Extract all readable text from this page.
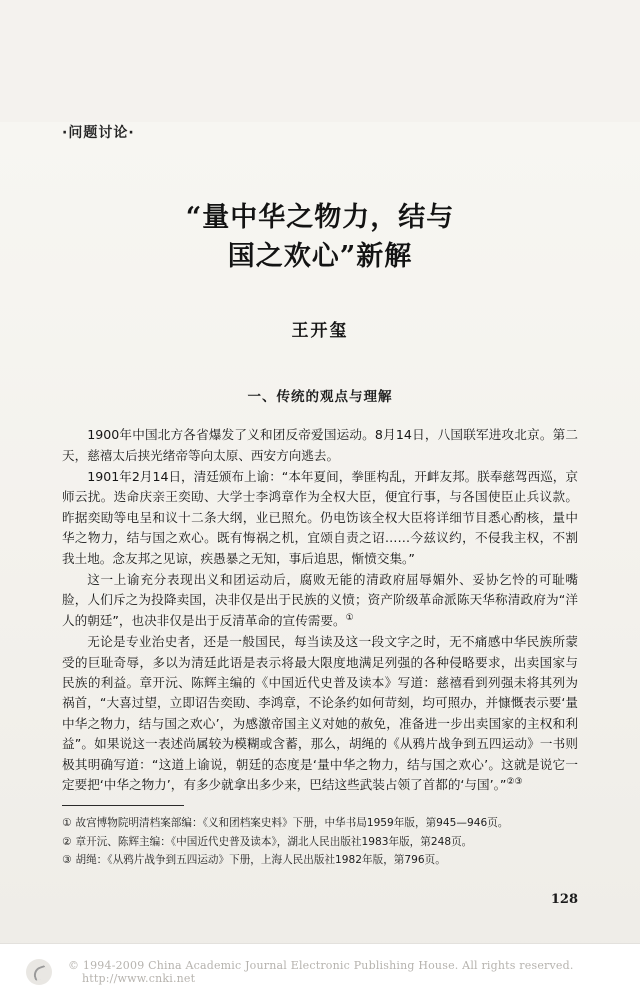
·问题讨论·
“量中华之物力，结与
国之欢心”新解
王开玺
一、传统的观点与理解

1900年中国北方各省爆发了义和团反帝爱国运动。8月14日，八国联军进攻北京。第二天，慈禧太后挟光绪帝等向太原、西安方向逃去。

1901年2月14日，清廷颁布上谕：“本年夏间，拳匪构乱，开衅友邦。朕奉慈驾西巡，京师云扰。迭命庆亲王奕劻、大学士李鸿章作为全权大臣，便宜行事，与各国使臣止兵议款。昨据奕劻等电呈和议十二条大纲，业已照允。仍电饬该全权大臣将详细节目悉心酌核，量中华之物力，结与国之欢心。既有悔祸之机，宜颂自责之诏……今兹议约，不侵我主权，不割我土地。念友邦之见谅，疾愚暴之无知，事后追思，惭愤交集。”

这一上谕充分表现出义和团运动后，腐败无能的清政府屈辱媚外、妥协乞怜的可耻嘴脸，人们斥之为投降卖国，决非仅是出于民族的义愤；资产阶级革命派陈天华称清政府为“洋人的朝廷”，也决非仅是出于反清革命的宣传需要。①

无论是专业治史者，还是一般国民，每当读及这一段文字之时，无不痛感中华民族所蒙受的巨耻奇辱，多以为清廷此语是表示将最大限度地满足列强的各种侵略要求，出卖国家与民族的利益。章开沅、陈辉主编的《中国近代史普及读本》写道：慈禧看到列强未将其列为祸首，“大喜过望，立即诏告奕劻、李鸿章，不论条约如何苛刻，均可照办，并慷慨表示要‘量中华之物力，结与国之欢心’，为感激帝国主义对她的赦免，准备进一步出卖国家的主权和利益”。如果说这一表述尚属较为模糊或含蓄，那么，胡绳的《从鸦片战争到五四运动》一书则极其明确写道：“这道上谕说，朝廷的态度是‘量中华之物力，结与国之欢心’。这就是说它一定要把‘中华之物力’，有多少就拿出多少来，巴结这些武装占领了首都的‘与国’。”②③

① 故宫博物院明清档案部编：《义和团档案史料》下册，中华书局1959年版，第945—946页。
② 章开沅、陈辉主编：《中国近代史普及读本》，湖北人民出版社1983年版，第248页。
③ 胡绳：《从鸦片战争到五四运动》下册，上海人民出版社1982年版，第796页。
128
© 1994-2009 China Academic Journal Electronic Publishing House. All rights reserved. http://www.cnki.net
